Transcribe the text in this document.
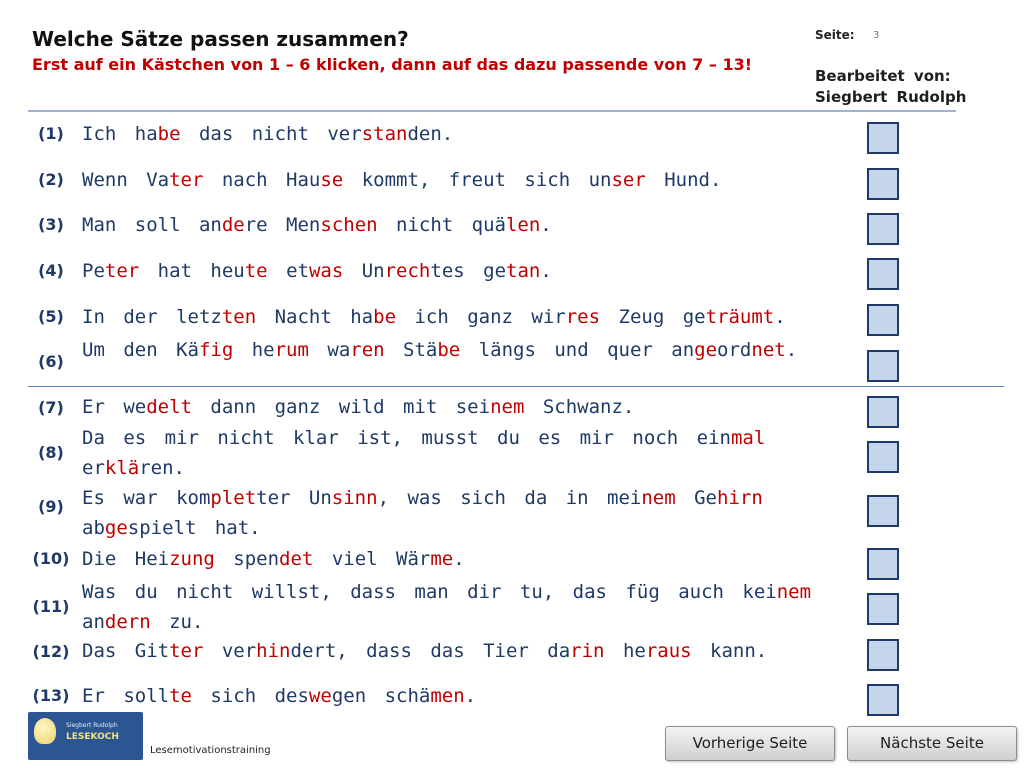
Welche Sätze passen zusammen?
Erst auf ein Kästchen von 1 – 6 klicken, dann auf das dazu passende von 7 – 13!
Seite: 3
Bearbeitet von:
Siegbert Rudolph
(1) Ich habe das nicht verstanden.
(2) Wenn Vater nach Hause kommt, freut sich unser Hund.
(3) Man soll andere Menschen nicht quälen.
(4) Peter hat heute etwas Unrechtes getan.
(5) In der letzten Nacht habe ich ganz wirres Zeug geträumt.
(6)
Um den Käfig herum waren Stäbe längs und quer angeordnet.
(7) Er wedelt dann ganz wild mit seinem Schwanz.
(8)
Da es mir nicht klar ist, musst du es mir noch einmal erklären.
(9) Es war kompletter Unsinn, was sich da in meinem Gehirn abgespielt hat.
(10) Die Heizung spendet viel Wärme.
(11)
Was du nicht willst, dass man dir tu, das füg auch keinem andern zu.
(12) Das Gitter verhindert, dass das Tier darin heraus kann.
(13) Er sollte sich deswegen schämen.
Siegbert Rudolph
LESEKOCH
Lesemotivationstraining	Vorherige Seite	Nächste Seite
